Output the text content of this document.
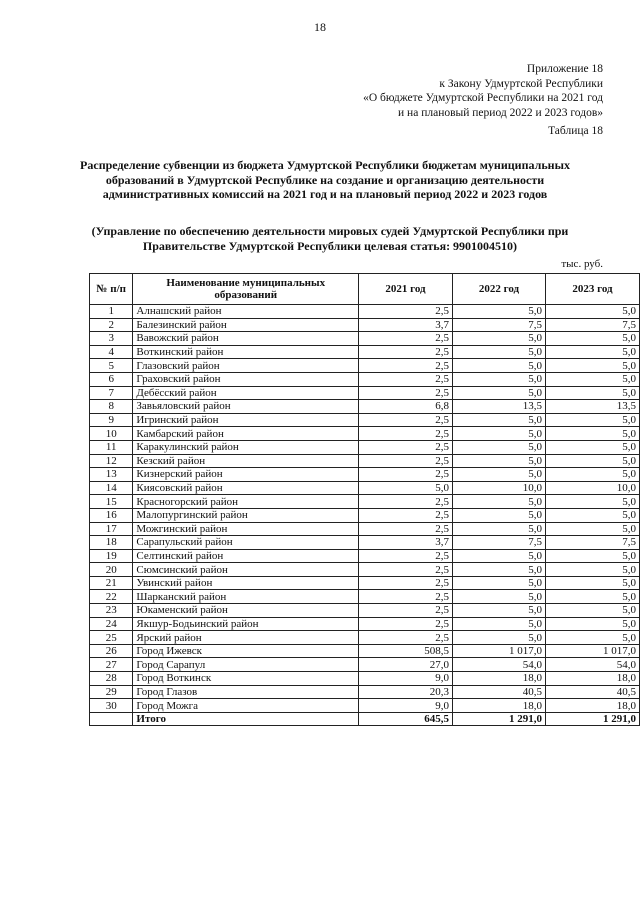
18
Приложение 18
к Закону Удмуртской Республики
«О бюджете Удмуртской Республики на 2021 год
и на плановый период 2022 и 2023 годов»
Таблица 18
Распределение субвенции из бюджета Удмуртской Республики бюджетам муниципальных образований в Удмуртской Республике на создание и организацию деятельности административных комиссий на 2021 год и на плановый период 2022 и 2023 годов
(Управление по обеспечению деятельности мировых судей Удмуртской Республики при Правительстве Удмуртской Республики целевая статья: 9901004510)
тыс. руб.
№ п/п	Наименование муниципальных образований	2021 год	2022 год	2023 год
1	Алнашский район	2,5	5,0	5,0
2	Балезинский район	3,7	7,5	7,5
3	Вавожский район	2,5	5,0	5,0
4	Воткинский район	2,5	5,0	5,0
5	Глазовский район	2,5	5,0	5,0
6	Граховский район	2,5	5,0	5,0
7	Дебёсский район	2,5	5,0	5,0
8	Завьяловский район	6,8	13,5	13,5
9	Игринский район	2,5	5,0	5,0
10	Камбарский район	2,5	5,0	5,0
11	Каракулинский район	2,5	5,0	5,0
12	Кезский район	2,5	5,0	5,0
13	Кизнерский район	2,5	5,0	5,0
14	Киясовский район	5,0	10,0	10,0
15	Красногорский район	2,5	5,0	5,0
16	Малопургинский район	2,5	5,0	5,0
17	Можгинский район	2,5	5,0	5,0
18	Сарапульский район	3,7	7,5	7,5
19	Селтинский район	2,5	5,0	5,0
20	Сюмсинский район	2,5	5,0	5,0
21	Увинский район	2,5	5,0	5,0
22	Шарканский район	2,5	5,0	5,0
23	Юкаменский район	2,5	5,0	5,0
24	Якшур-Бодьинский район	2,5	5,0	5,0
25	Ярский район	2,5	5,0	5,0
26	Город Ижевск	508,5	1 017,0	1 017,0
27	Город Сарапул	27,0	54,0	54,0
28	Город Воткинск	9,0	18,0	18,0
29	Город Глазов	20,3	40,5	40,5
30	Город Можга	9,0	18,0	18,0
	Итого	645,5	1 291,0	1 291,0
